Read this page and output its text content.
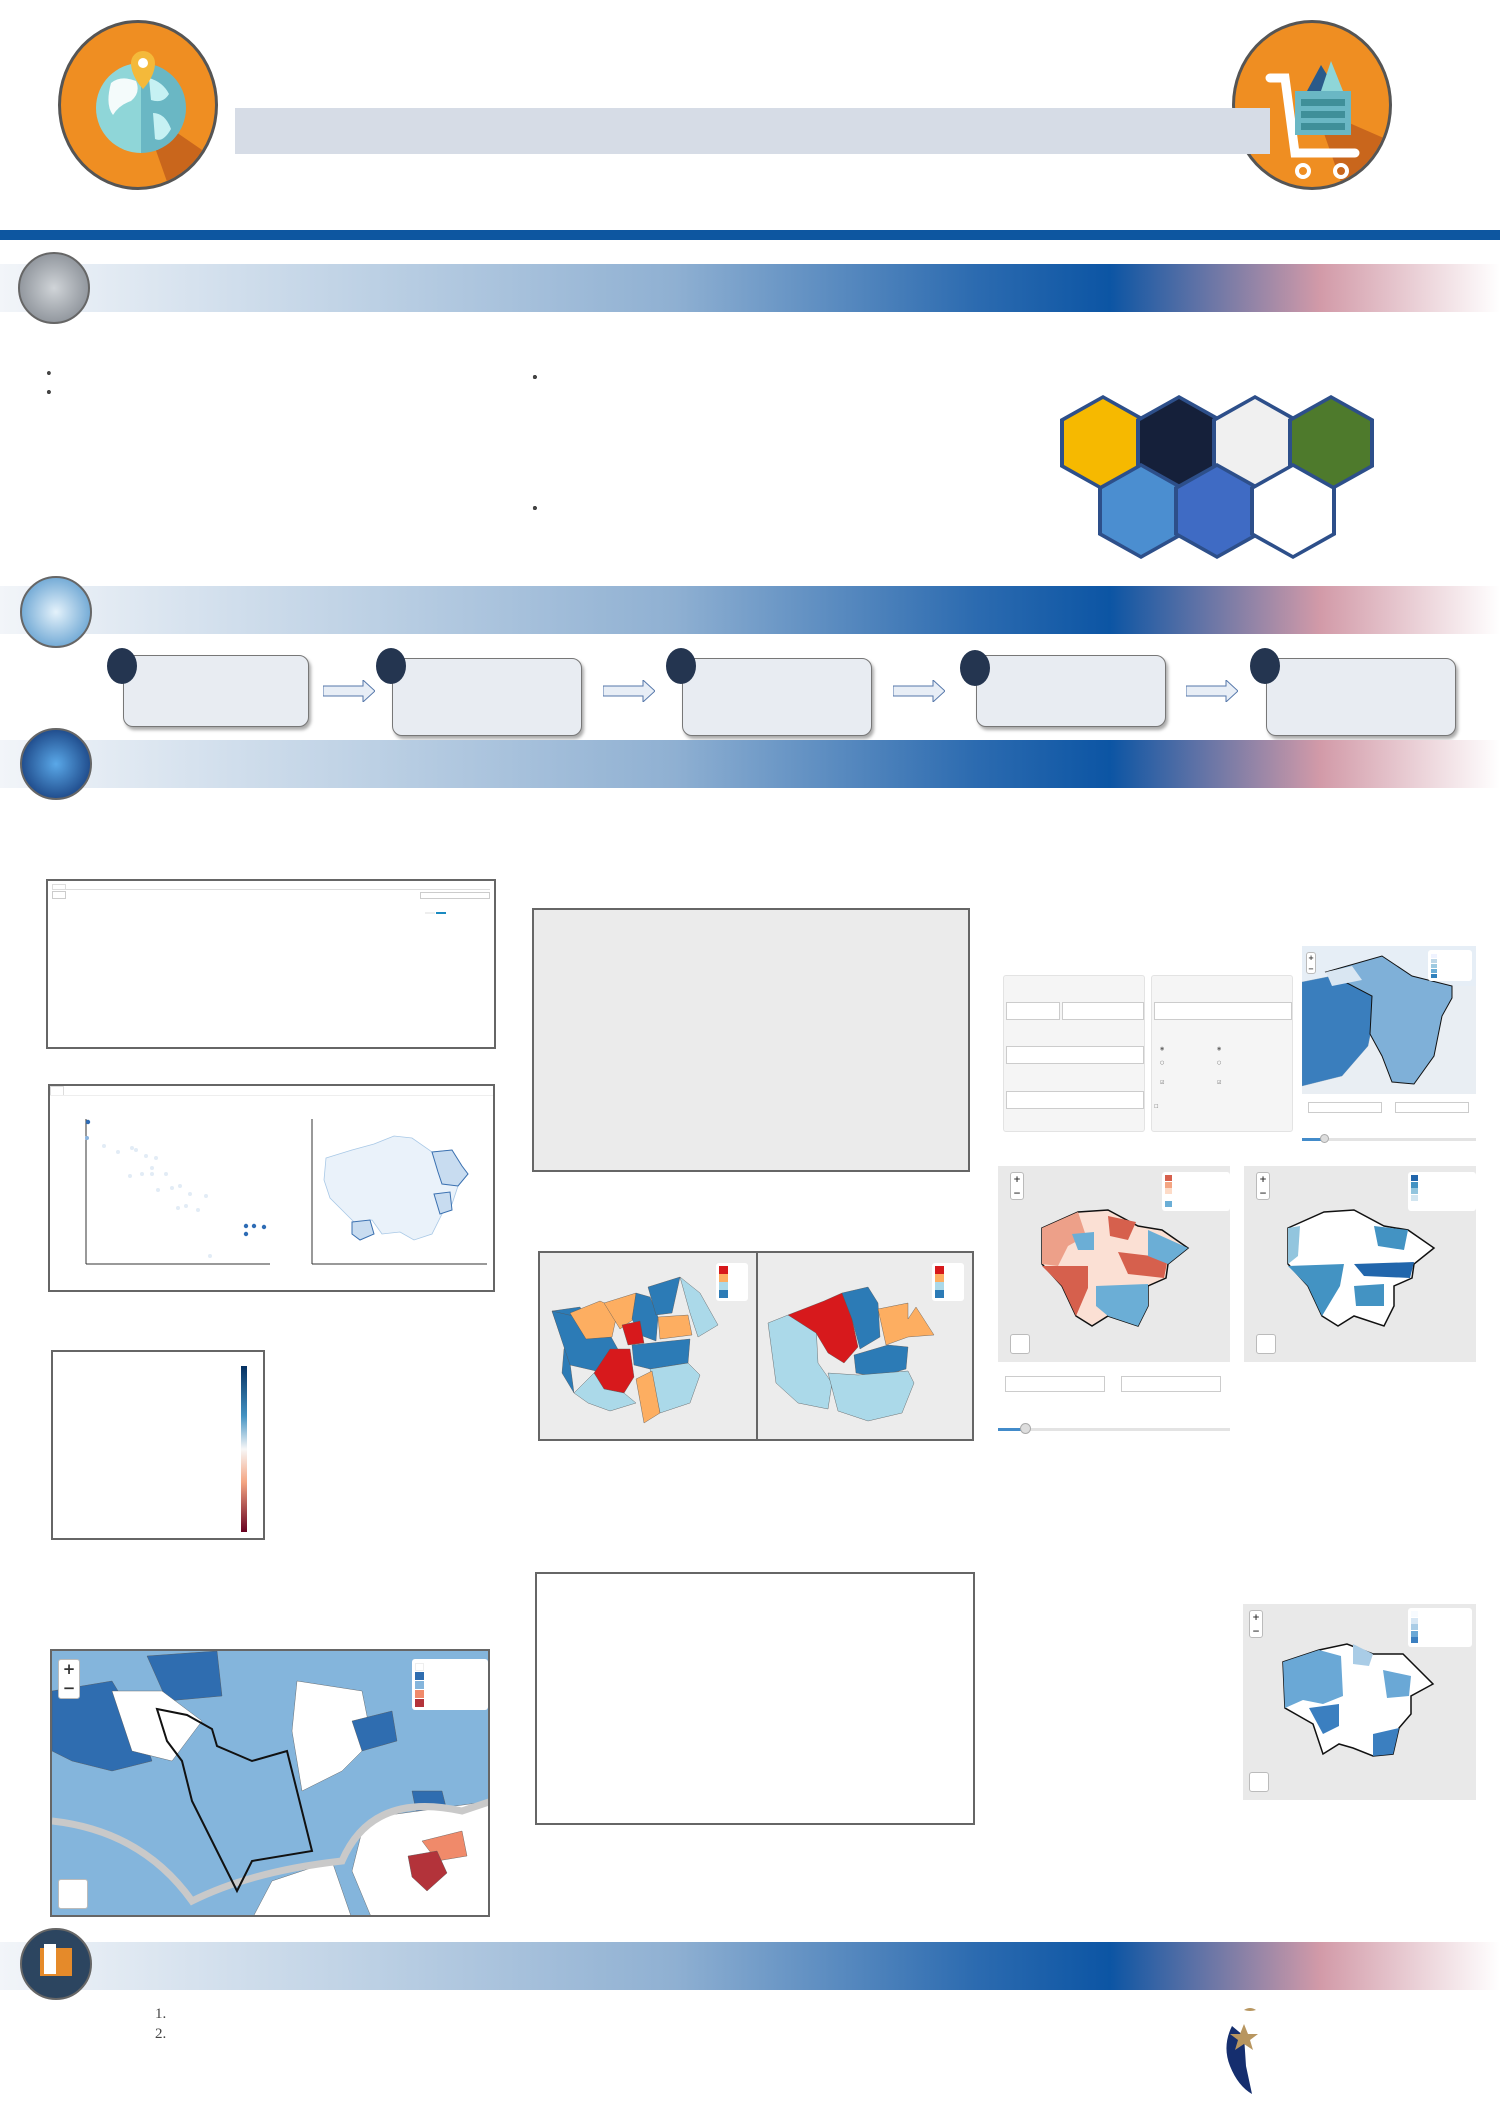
+
−
◉
○
◉
○
☑	☑
☐
+
−
+
−
+
−
+
−
1.
2.
